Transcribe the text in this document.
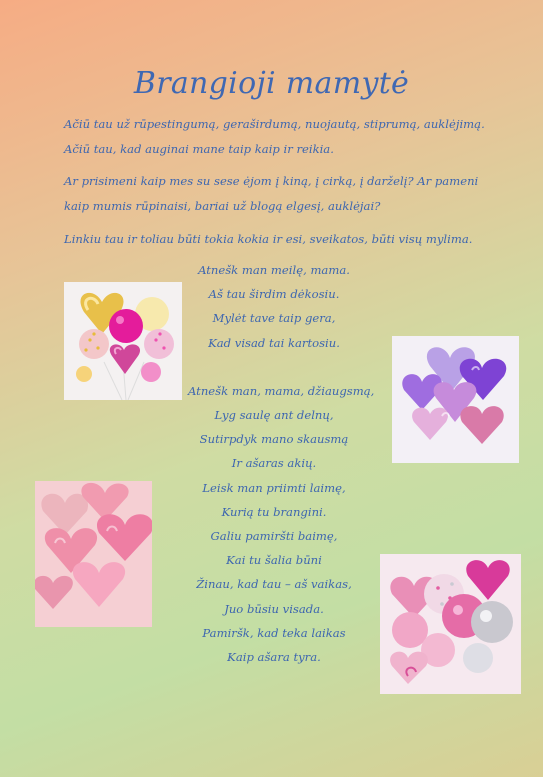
Brangioji mamytė

Ačiū tau už rūpestingumą, geraširdumą, nuojautą, stiprumą, auklėjimą. Ačiū tau, kad auginai mane taip kaip ir reikia.

Ar prisimeni kaip mes su sese ėjom į kiną, į cirką, į darželį? Ar pameni kaip mumis rūpinaisi, bariai už blogą elgesį, auklėjai?

Linkiu tau ir toliau būti tokia kokia ir esi, sveikatos, būti visų mylima.

Atnešk man meilę, mama.
Aš tau širdim dėkosiu.
Mylėt tave taip gera,
Kad visad tai kartosiu.
Atnešk man, mama, džiaugsmą,
Lyg saulę ant delnų,
Sutirpdyk mano skausmą
Ir ašaras akių.
Leisk man priimti laimę,
Kurią tu brangini.
Galiu pamiršti baimę,
Kai tu šalia būni
Žinau, kad tau – aš vaikas,
Juo būsiu visada.
Pamiršk, kad teka laikas
Kaip ašara tyra.
